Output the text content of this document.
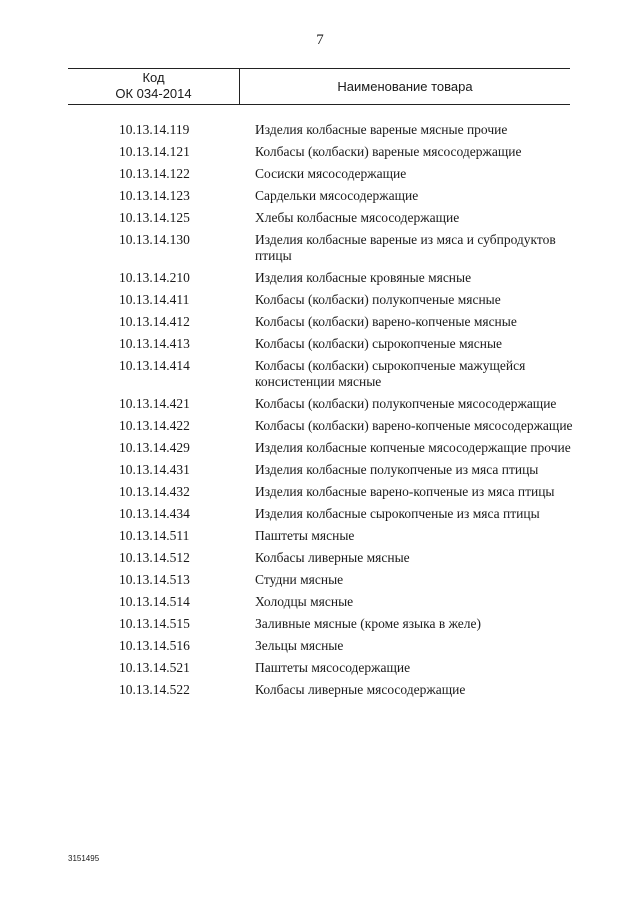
7
Код
ОК 034-2014	Наименование товара
10.13.14.119	Изделия колбасные вареные мясные прочие
10.13.14.121	Колбасы (колбаски) вареные мясосодержащие
10.13.14.122	Сосиски мясосодержащие
10.13.14.123	Сардельки мясосодержащие
10.13.14.125	Хлебы колбасные мясосодержащие
10.13.14.130	Изделия колбасные вареные из мяса и субпродуктов птицы
10.13.14.210	Изделия колбасные кровяные мясные
10.13.14.411	Колбасы (колбаски) полукопченые мясные
10.13.14.412	Колбасы (колбаски) варено-копченые мясные
10.13.14.413	Колбасы (колбаски) сырокопченые мясные
10.13.14.414	Колбасы (колбаски) сырокопченые мажущейся консистенции мясные
10.13.14.421	Колбасы (колбаски) полукопченые мясосодержащие
10.13.14.422	Колбасы (колбаски) варено-копченые мясосодержащие
10.13.14.429	Изделия колбасные копченые мясосодержащие прочие
10.13.14.431	Изделия колбасные полукопченые из мяса птицы
10.13.14.432	Изделия колбасные варено-копченые из мяса птицы
10.13.14.434	Изделия колбасные сырокопченые из мяса птицы
10.13.14.511	Паштеты мясные
10.13.14.512	Колбасы ливерные мясные
10.13.14.513	Студни мясные
10.13.14.514	Холодцы мясные
10.13.14.515	Заливные мясные (кроме языка в желе)
10.13.14.516	Зельцы мясные
10.13.14.521	Паштеты мясосодержащие
10.13.14.522	Колбасы ливерные мясосодержащие
3151495
